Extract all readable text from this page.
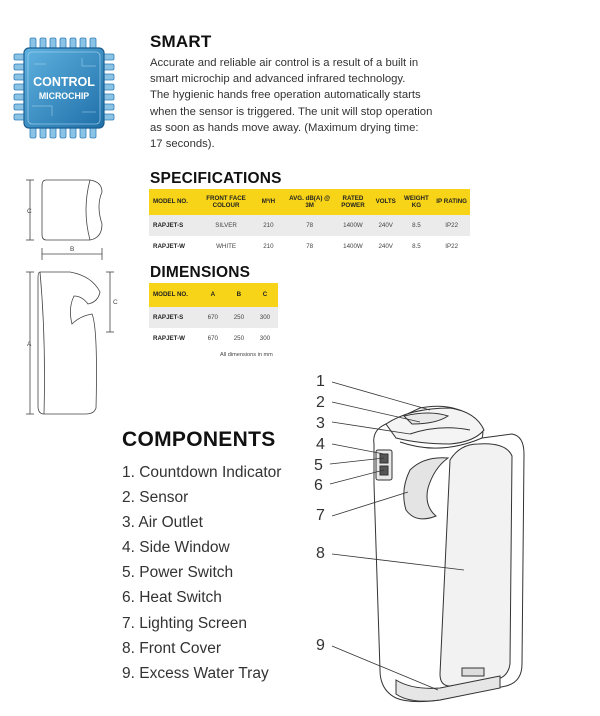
CONTROL
MICROCHIP
SMART
Accurate and reliable air control is a result of a built in
smart microchip and advanced infrared technology.
The hygienic hands free operation automatically starts
when the sensor is triggered. The unit will stop operation
as soon as hands move away. (Maximum drying time:
17 seconds).
C
B
A
C
SPECIFICATIONS
MODEL NO.	FRONT FACE COLOUR	M³/H	AVG. dB(A) @ 3M	RATED POWER	VOLTS	WEIGHT KG	IP RATING
RAPJET-S	SILVER	210	78	1400W	240V	8.5	IP22
RAPJET-W	WHITE	210	78	1400W	240V	8.5	IP22
DIMENSIONS
MODEL NO.	A	B	C
RAPJET-S	670	250	300
RAPJET-W	670	250	300
All dimensions in mm
COMPONENTS
1. Countdown Indicator
2. Sensor
3. Air Outlet
4. Side Window
5. Power Switch
6. Heat Switch
7. Lighting Screen
8. Front Cover
9. Excess Water Tray
1
2
3
4
5
6
7
8
9
